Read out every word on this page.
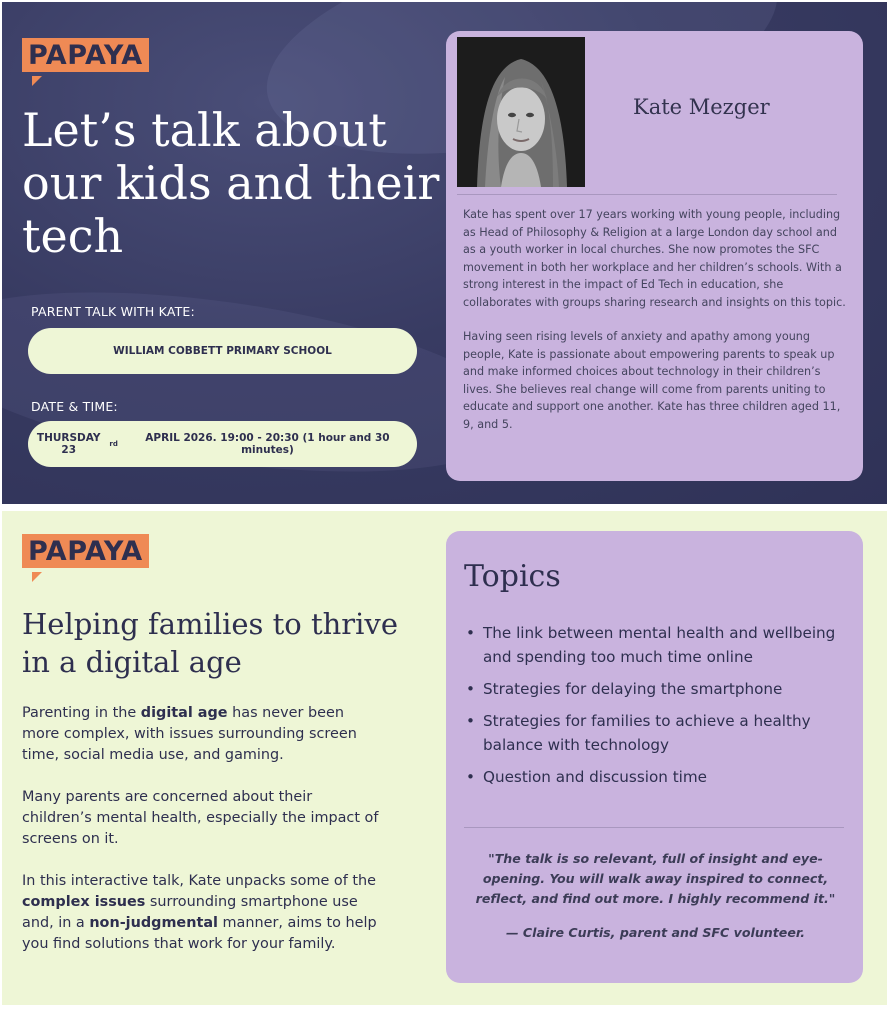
PAPAYA
Let’s talk about our kids and their tech
PARENT TALK WITH KATE:
WILLIAM COBBETT PRIMARY SCHOOL
DATE & TIME:
THURSDAY 23	rd	APRIL 2026. 19:00 - 20:30 (1 hour and 30 minutes)
Kate Mezger

Kate has spent over 17 years working with young people, including as Head of Philosophy & Religion at a large London day school and as a youth worker in local churches. She now promotes the SFC movement in both her workplace and her children’s schools. With a strong interest in the impact of Ed Tech in education, she collaborates with groups sharing research and insights on this topic.

Having seen rising levels of anxiety and apathy among young people, Kate is passionate about empowering parents to speak up and make informed choices about technology in their children’s lives. She believes real change will come from parents uniting to educate and support one another. Kate has three children aged 11, 9, and 5.

PAPAYA
Helping families to thrive in a digital age

Parenting in the digital age has never been more complex, with issues surrounding screen time, social media use, and gaming.

Many parents are concerned about their children’s mental health, especially the impact of screens on it.

In this interactive talk, Kate unpacks some of the complex issues surrounding smartphone use and, in a non-judgmental manner, aims to help you find solutions that work for your family.

Topics
• The link between mental health and wellbeing and spending too much time online
• Strategies for delaying the smartphone
• Strategies for families to achieve a healthy balance with technology
• Question and discussion time
"The talk is so relevant, full of insight and eye-opening. You will walk away inspired to connect, reflect, and find out more. I highly recommend it."
— Claire Curtis, parent and SFC volunteer.
